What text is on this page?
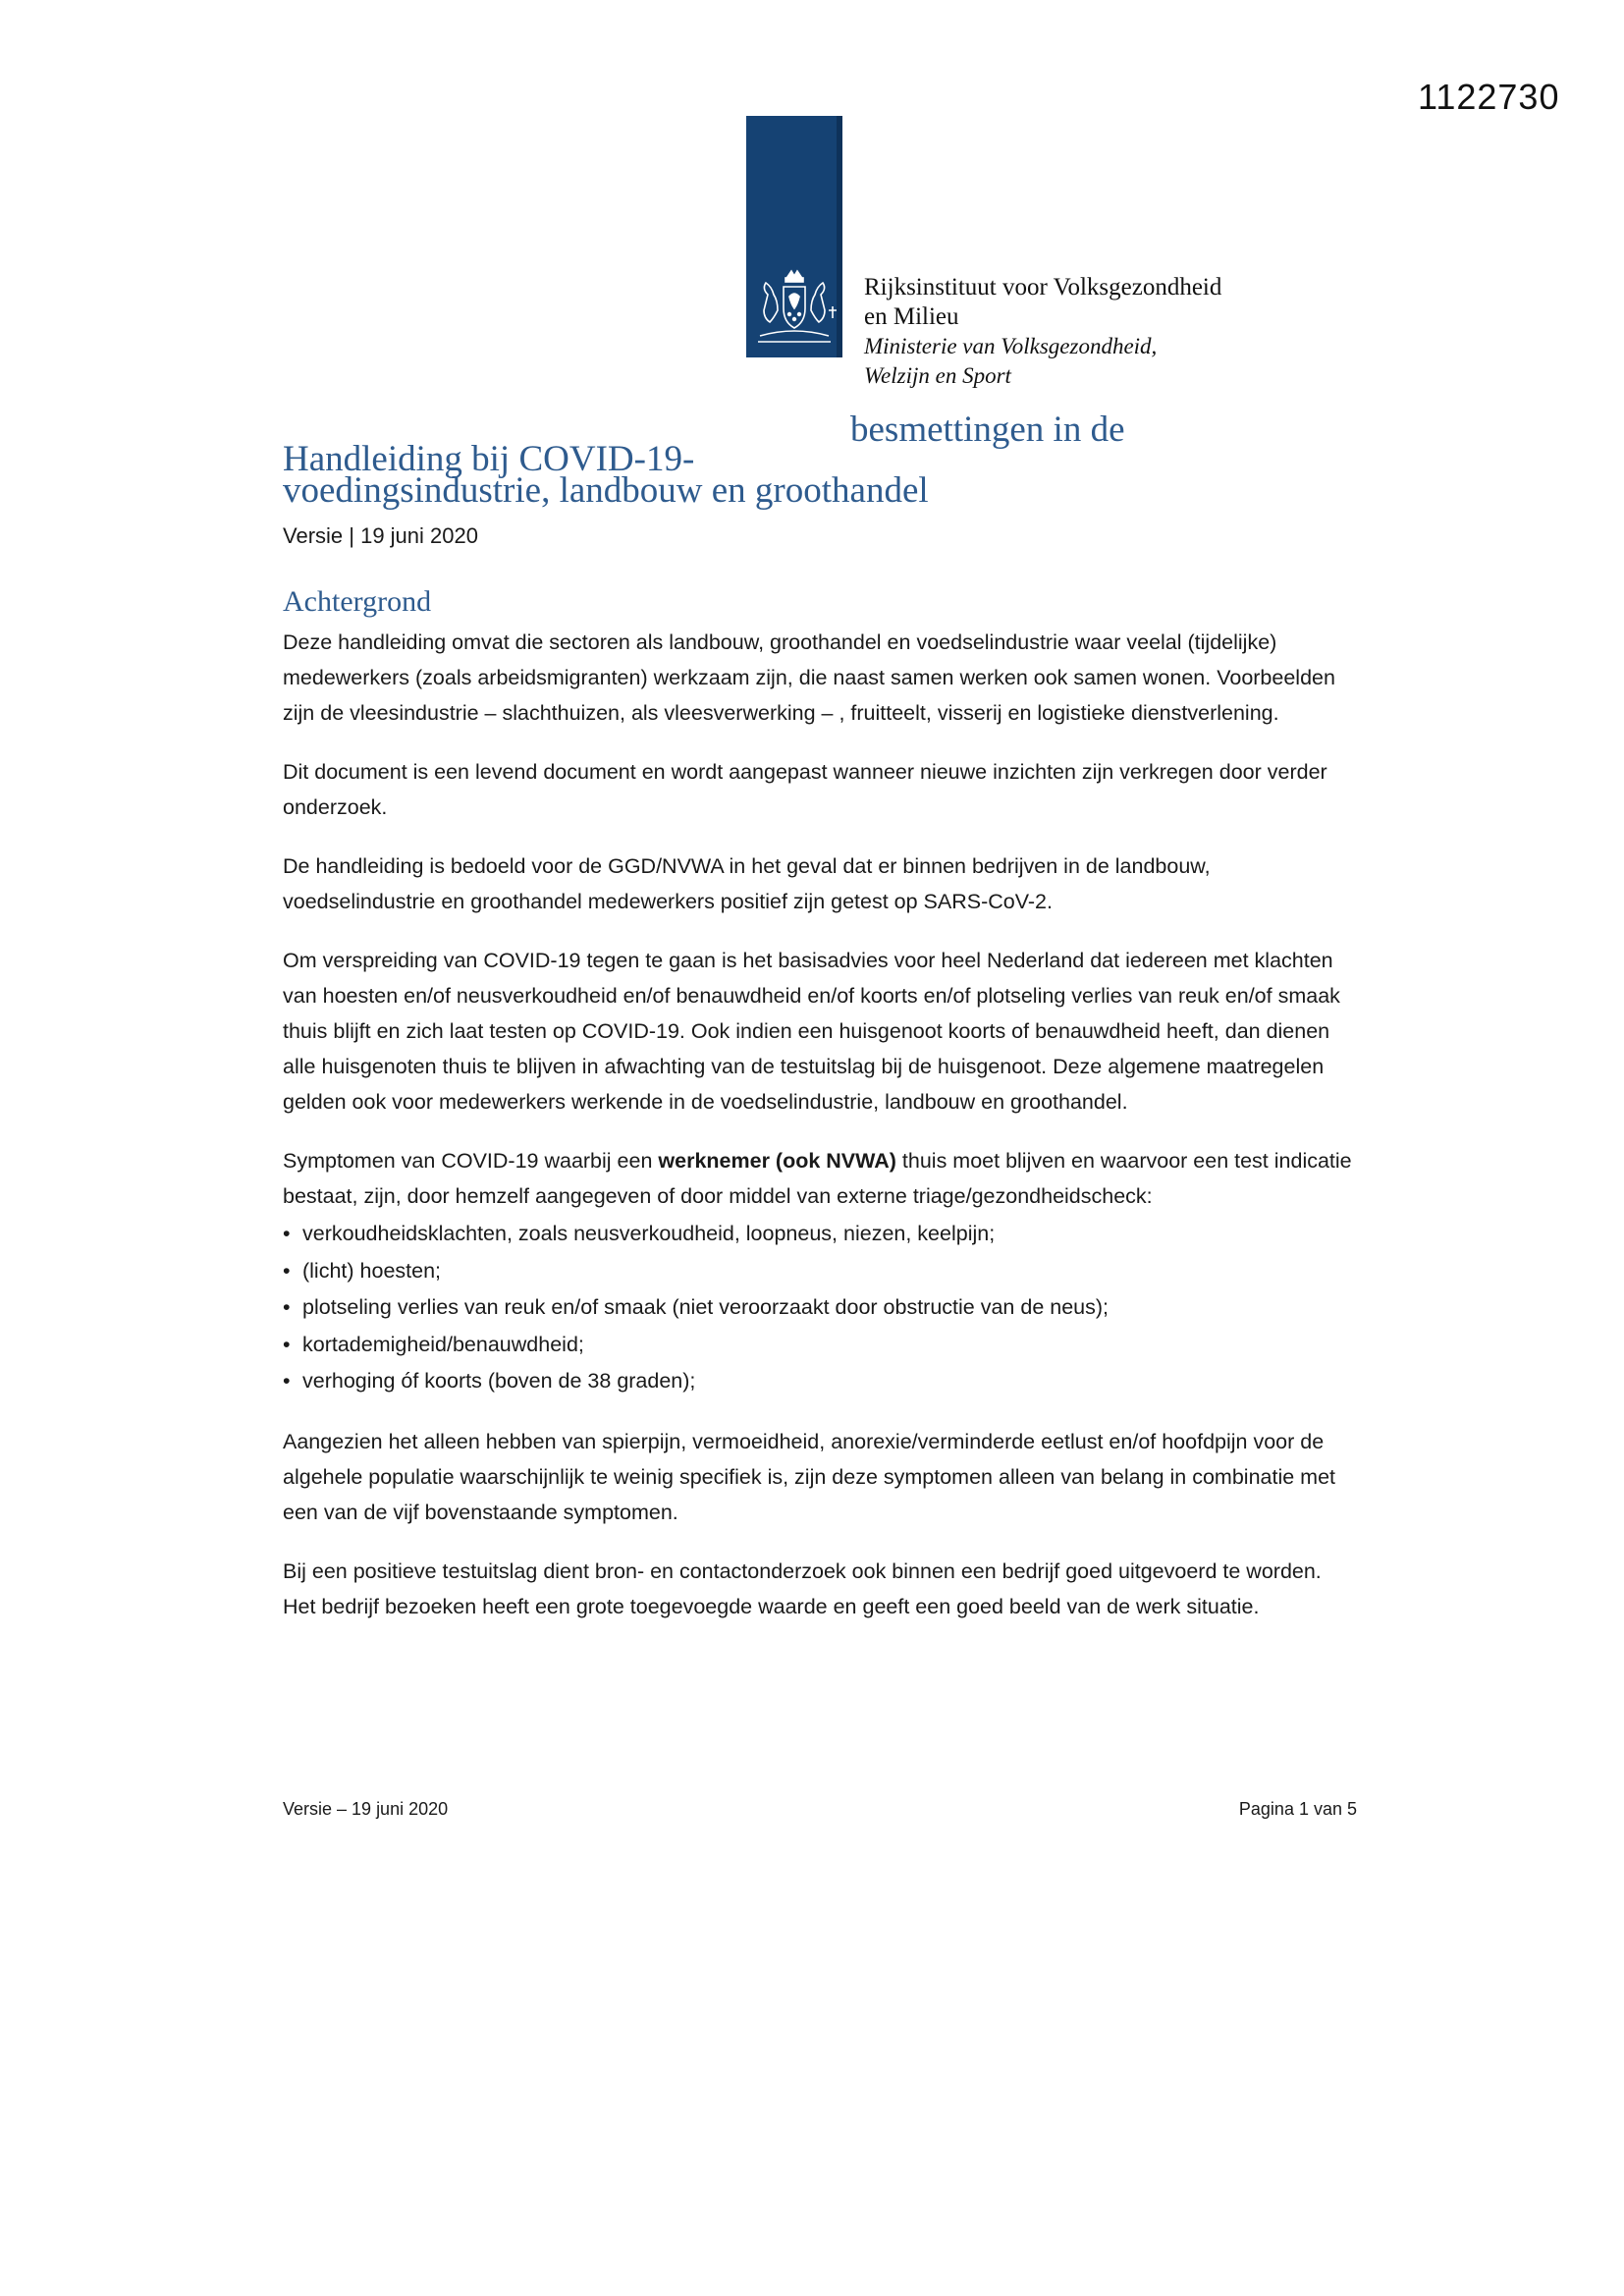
1122730
Rijksinstituut voor Volksgezondheid
en Milieu
Ministerie van Volksgezondheid,
Welzijn en Sport
Handleiding bij COVID-19-
besmettingen in de
voedingsindustrie, landbouw en groothandel
Versie | 19 juni 2020
Achtergrond

Deze handleiding omvat die sectoren als landbouw, groothandel en voedselindustrie waar veelal (tijdelijke) medewerkers (zoals arbeidsmigranten) werkzaam zijn, die naast samen werken ook samen wonen. Voorbeelden zijn de vleesindustrie – slachthuizen, als vleesverwerking – , fruitteelt, visserij en logistieke dienstverlening.

Dit document is een levend document en wordt aangepast wanneer nieuwe inzichten zijn verkregen door verder onderzoek.

De handleiding is bedoeld voor de GGD/NVWA in het geval dat er binnen bedrijven in de landbouw, voedselindustrie en groothandel medewerkers positief zijn getest op SARS-CoV-2.

Om verspreiding van COVID-19 tegen te gaan is het basisadvies voor heel Nederland dat iedereen met klachten van hoesten en/of neusverkoudheid en/of benauwdheid en/of koorts en/of plotseling verlies van reuk en/of smaak thuis blijft en zich laat testen op COVID-19. Ook indien een huisgenoot koorts of benauwdheid heeft, dan dienen alle huisgenoten thuis te blijven in afwachting van de testuitslag bij de huisgenoot. Deze algemene maatregelen gelden ook voor medewerkers werkende in de voedselindustrie, landbouw en groothandel.

Symptomen van COVID-19 waarbij een werknemer (ook NVWA) thuis moet blijven en waarvoor een test indicatie bestaat, zijn, door hemzelf aangegeven of door middel van externe triage/gezondheidscheck:

• verkoudheidsklachten, zoals neusverkoudheid, loopneus, niezen, keelpijn;
• (licht) hoesten;
• plotseling verlies van reuk en/of smaak (niet veroorzaakt door obstructie van de neus);
• kortademigheid/benauwdheid;
• verhoging óf koorts (boven de 38 graden);

Aangezien het alleen hebben van spierpijn, vermoeidheid, anorexie/verminderde eetlust en/of hoofdpijn voor de algehele populatie waarschijnlijk te weinig specifiek is, zijn deze symptomen alleen van belang in combinatie met een van de vijf bovenstaande symptomen.

Bij een positieve testuitslag dient bron- en contactonderzoek ook binnen een bedrijf goed uitgevoerd te worden. Het bedrijf bezoeken heeft een grote toegevoegde waarde en geeft een goed beeld van de werk situatie.

Versie – 19 juni 2020	Pagina 1 van 5
